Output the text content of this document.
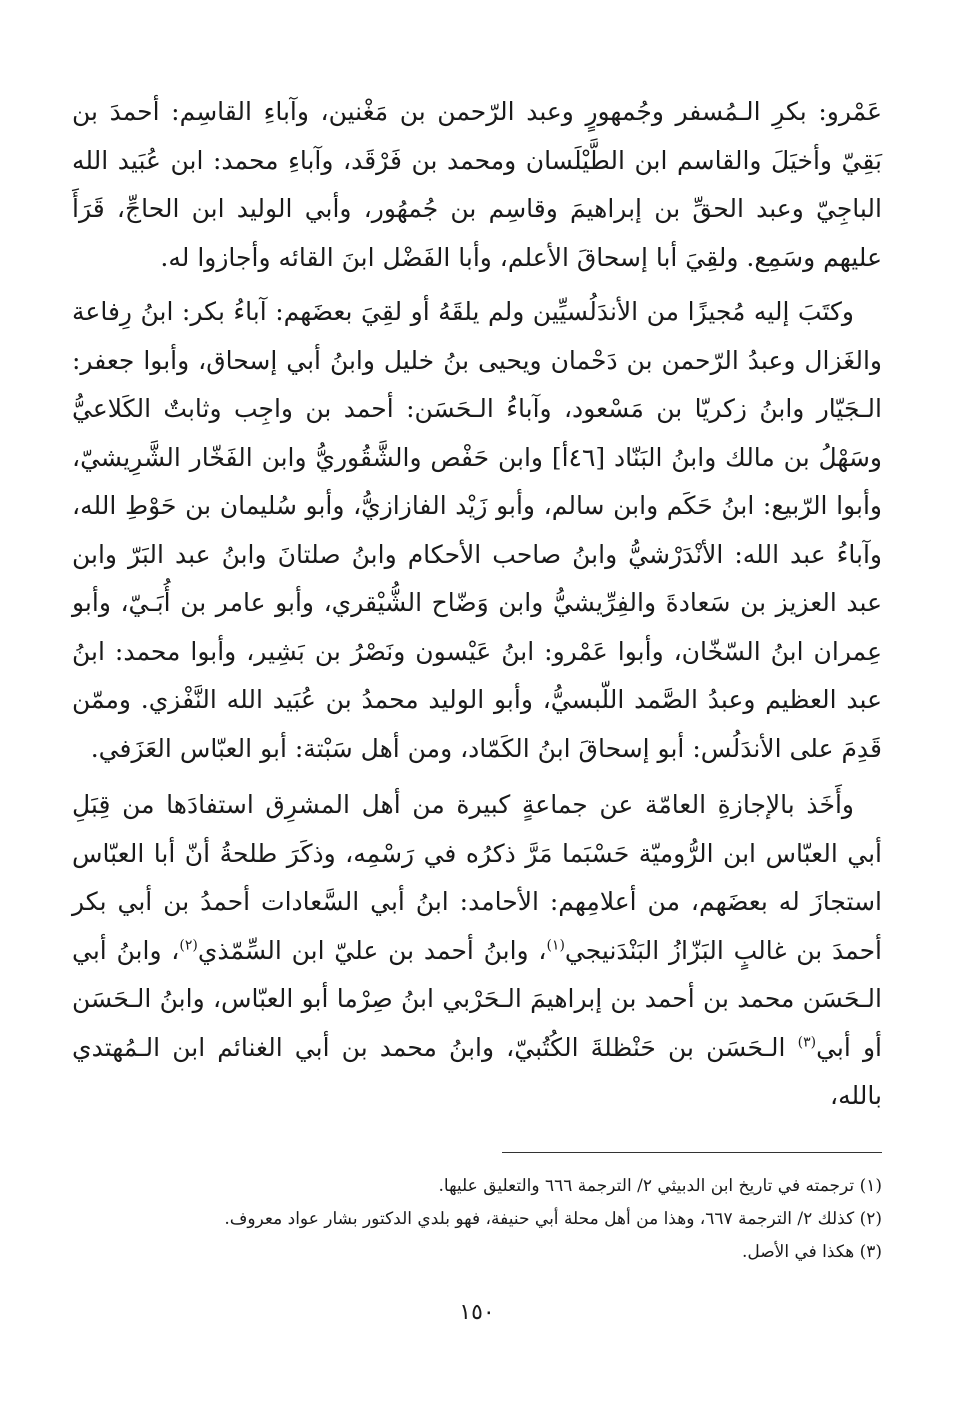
عَمْرو: بكرِ الـمُسفر وجُمهورٍ وعبد الرّحمن بن مَغْنين، وآباءِ القاسِم: أحمدَ بن بَقِيّ وأخيَلَ والقاسم ابن الطَّيْلَسان ومحمد بن فَرْقَد، وآباءِ محمد: ابن عُبَيد الله الباجِيّ وعبد الحقِّ بن إبراهيمَ وقاسِم بن جُمهُور، وأبي الوليد ابن الحاجِّ، قَرَأَ عليهم وسَمِع. ولقِيَ أبا إسحاقَ الأعلم، وأبا الفَضْل ابنَ القائه وأجازوا له.

وكتَبَ إليه مُجيزًا من الأندَلُسيِّين ولم يلقَهُ أو لقِيَ بعضَهم: آباءُ بكر: ابنُ رِفاعة والغَزال وعبدُ الرّحمن بن دَحْمان ويحيى بنُ خليل وابنُ أبي إسحاق، وأبوا جعفر: الـجَيّار وابنُ زكريّا بن مَسْعود، وآباءُ الـحَسَن: أحمد بن واجِب وثابتٌ الكَلاعيُّ وسَهْلُ بن مالك وابنُ البَنّاد [٤٦أ] وابن حَفْص والشَّقُوريُّ وابن الفَخّار الشَّرِيشيّ، وأبوا الرّبيع: ابنُ حَكَم وابن سالم، وأبو زَيْد الفازازيُّ، وأبو سُليمان بن حَوْطِ الله، وآباءُ عبد الله: الأنْدَرْشيُّ وابنُ صاحب الأحكام وابنُ صلتانَ وابنُ عبد البَرّ وابن عبد العزيز بن سَعادةَ والفِرِّيشيُّ وابن وَضّاح الشُّيْقري، وأبو عامر بن أُبَـيّ، وأبو عِمران ابنُ السّخّان، وأبوا عَمْرو: ابنُ عَيْسون ونَصْرُ بن بَشِير، وأبوا محمد: ابنُ عبد العظيم وعبدُ الصَّمد اللّبسيُّ، وأبو الوليد محمدُ بن عُبَيد الله النَّفْزي. وممّن قَدِمَ على الأندَلُس: أبو إسحاقَ ابنُ الكَمّاد، ومن أهل سَبْتة: أبو العبّاس العَزَفي.

وأَخَذ بالإجازةِ العامّة عن جماعةٍ كبيرة من أهل المشرِق استفادَها من قِبَلِ أبي العبّاس ابن الرُّوميّة حَسْبَما مَرَّ ذكرُه في رَسْمِه، وذكَرَ طلحةُ أنّ أبا العبّاس استجازَ له بعضَهم، من أعلامِهم: الأحامد: ابنُ أبي السَّعادات أحمدُ بن أبي بكر أحمدَ بن غالبٍ البَزّازُ البَنْدَنيجي$^{(١)}$، وابنُ أحمد بن عليّ ابن السِّمّذي$^{(٢)}$، وابنُ أبي الـحَسَن محمد بن أحمد بن إبراهيمَ الـحَرْبي ابنُ صِرْما أبو العبّاس، وابنُ الـحَسَن أو أبي$^{(٣)}$ الـحَسَن بن حَنْظلةَ الكُتُبيّ، وابنُ محمد بن أبي الغنائم ابن الـمُهتدي بالله،

(١) ترجمته في تاريخ ابن الدبيثي ٢/ الترجمة ٦٦٦ والتعليق عليها.

(٢) كذلك ٢/ الترجمة ٦٦٧، وهذا من أهل محلة أبي حنيفة، فهو بلدي الدكتور بشار عواد معروف.

(٣) هكذا في الأصل.

١٥٠
